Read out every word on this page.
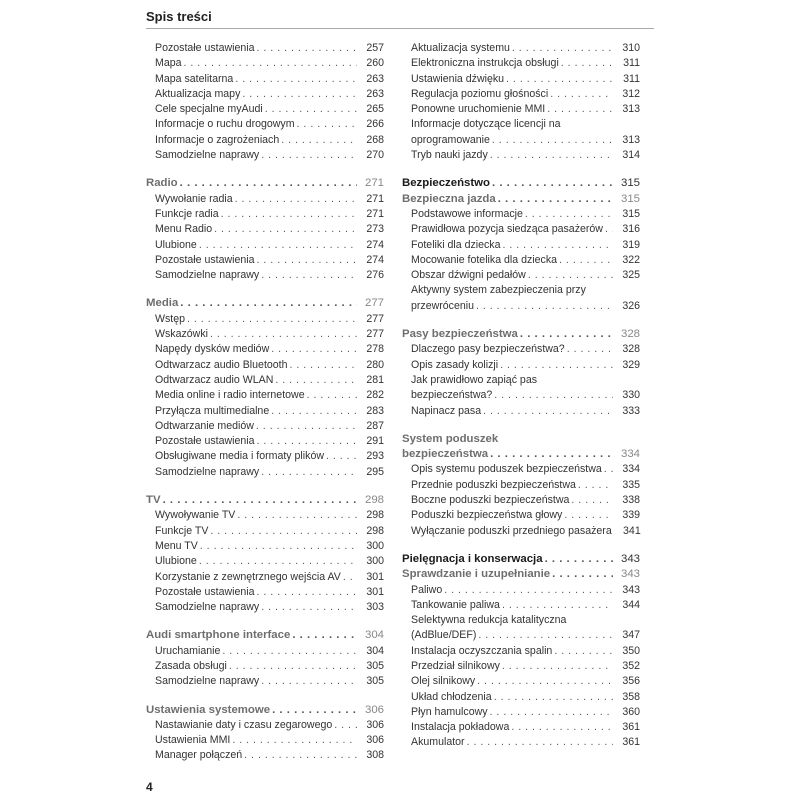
Spis treści
Pozostałe ustawienia . . .	257
Mapa . . .	260
Mapa satelitarna . . .	263
Aktualizacja mapy . . .	263
Cele specjalne myAudi . . .	265
Informacje o ruchu drogowym . . .	266
Informacje o zagrożeniach . . .	268
Samodzielne naprawy . . .	270
Radio . . .	271
Wywołanie radia . . .	271
Funkcje radia . . .	271
Menu Radio . . .	273
Ulubione . . .	274
Pozostałe ustawienia . . .	274
Samodzielne naprawy . . .	276
Media . . .	277
Wstęp . . .	277
Wskazówki . . .	277
Napędy dysków mediów . . .	278
Odtwarzacz audio Bluetooth . . .	280
Odtwarzacz audio WLAN . . .	281
Media online i radio internetowe . . .	282
Przyłącza multimedialne . . .	283
Odtwarzanie mediów . . .	287
Pozostałe ustawienia . . .	291
Obsługiwane media i formaty plików . . .	293
Samodzielne naprawy . . .	295
TV . . .	298
Wywoływanie TV . . .	298
Funkcje TV . . .	298
Menu TV . . .	300
Ulubione . . .	300
Korzystanie z zewnętrznego wejścia AV . . .	301
Pozostałe ustawienia . . .	301
Samodzielne naprawy . . .	303
Audi smartphone interface . . .	304
Uruchamianie . . .	304
Zasada obsługi . . .	305
Samodzielne naprawy . . .	305
Ustawienia systemowe . . .	306
Nastawianie daty i czasu zegarowego . . .	306
Ustawienia MMI . . .	306
Manager połączeń . . .	308
Aktualizacja systemu . . .	310
Elektroniczna instrukcja obsługi . . .	311
Ustawienia dźwięku . . .	311
Regulacja poziomu głośności . . .	312
Ponowne uruchomienie MMI . . .	313
Informacje dotyczące licencji na
oprogramowanie . . .	313
Tryb nauki jazdy . . .	314
Bezpieczeństwo . . .	315
Bezpieczna jazda . . .	315
Podstawowe informacje . . .	315
Prawidłowa pozycja siedząca pasażerów . . .	316
Foteliki dla dziecka . . .	319
Mocowanie fotelika dla dziecka . . .	322
Obszar dźwigni pedałów . . .	325
Aktywny system zabezpieczenia przy
przewróceniu . . .	326
Pasy bezpieczeństwa . . .	328
Dlaczego pasy bezpieczeństwa? . . .	328
Opis zasady kolizji . . .	329
Jak prawidłowo zapiąć pas
bezpieczeństwa? . . .	330
Napinacz pasa . . .	333
System poduszek
bezpieczeństwa . . .	334
Opis systemu poduszek bezpieczeństwa . . .	334
Przednie poduszki bezpieczeństwa . . .	335
Boczne poduszki bezpieczeństwa . . .	338
Poduszki bezpieczeństwa głowy . . .	339
Wyłączanie poduszki przedniego pasażera	341
Pielęgnacja i konserwacja . . .	343
Sprawdzanie i uzupełnianie . . .	343
Paliwo . . .	343
Tankowanie paliwa . . .	344
Selektywna redukcja katalityczna
(AdBlue/DEF) . . .	347
Instalacja oczyszczania spalin . . .	350
Przedział silnikowy . . .	352
Olej silnikowy . . .	356
Układ chłodzenia . . .	358
Płyn hamulcowy . . .	360
Instalacja pokładowa . . .	361
Akumulator . . .	361
4
